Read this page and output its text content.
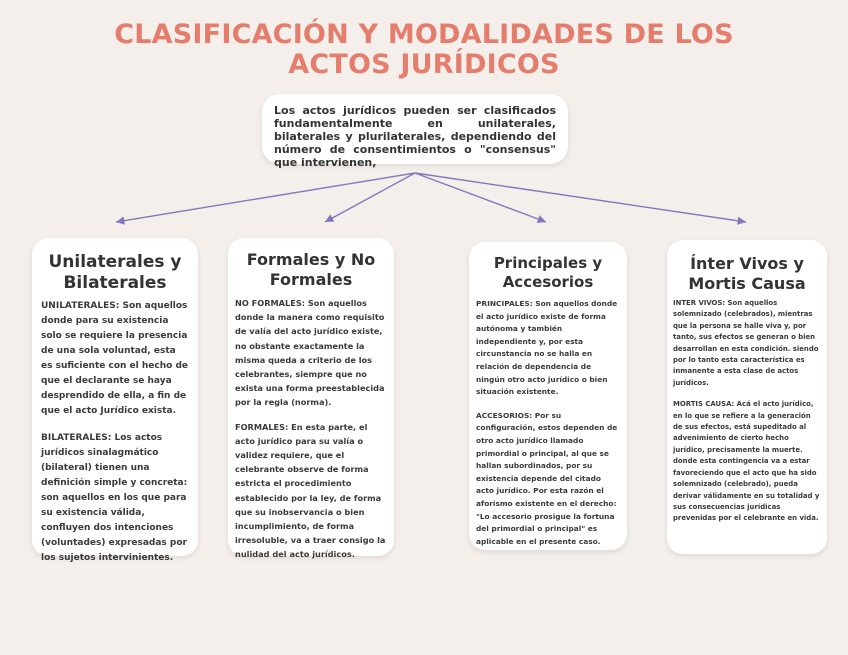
CLASIFICACIÓN Y MODALIDADES DE LOS ACTOS JURÍDICOS
Los actos jurídicos pueden ser clasificados fundamentalmente en unilaterales, bilaterales y plurilaterales, dependiendo del número de consentimientos o "consensus" que intervienen,
Unilaterales y Bilaterales

UNILATERALES: Son aquellos donde para su existencia solo se requiere la presencia de una sola voluntad, esta es suficiente con el hecho de que el declarante se haya desprendido de ella, a fin de que el acto Jurídico exista.

BILATERALES: Los actos jurídicos sinalagmático (bilateral) tienen una definición simple y concreta: son aquellos en los que para su existencia válida, confluyen dos intenciones (voluntades) expresadas por los sujetos intervinientes.

Formales y No Formales

NO FORMALES: Son aquellos donde la manera como requisito de valía del acto jurídico existe, no obstante exactamente la misma queda a criterio de los celebrantes, siempre que no exista una forma preestablecida por la regla (norma).

FORMALES: En esta parte, el acto jurídico para su valía o validez requiere, que el celebrante observe de forma estricta el procedimiento establecido por la ley, de forma que su inobservancia o bien incumplimiento, de forma irresoluble, va a traer consigo la nulidad del acto jurídicos.

Principales y Accesorios

PRINCIPALES: Son aquellos donde el acto jurídico existe de forma autónoma y también independiente y, por esta circunstancia no se halla en relación de dependencia de ningún otro acto jurídico o bien situación existente.

ACCESORIOS: Por su configuración, estos dependen de otro acto jurídico llamado primordial o principal, al que se hallan subordinados, por su existencia depende del citado acto jurídico. Por esta razón el aforismo existente en el derecho: "Lo accesorio prosigue la fortuna del primordial o principal" es aplicable en el presente caso.

Ínter Vivos y Mortis Causa

INTER VIVOS: Son aquellos solemnizado (celebrados), mientras que la persona se halle viva y, por tanto, sus efectos se generan o bien desarrollan en esta condición. siendo por lo tanto esta característica es inmanente a esta clase de actos jurídicos.

MORTIS CAUSA: Acá el acto jurídico, en lo que se refiere a la generación de sus efectos, está supeditado al advenimiento de cierto hecho jurídico, precisamente la muerte. donde esta contingencia va a estar favoreciendo que el acto que ha sido solemnizado (celebrado), pueda derivar válidamente en su totalidad y sus consecuencias jurídicas prevenidas por el celebrante en vida.
